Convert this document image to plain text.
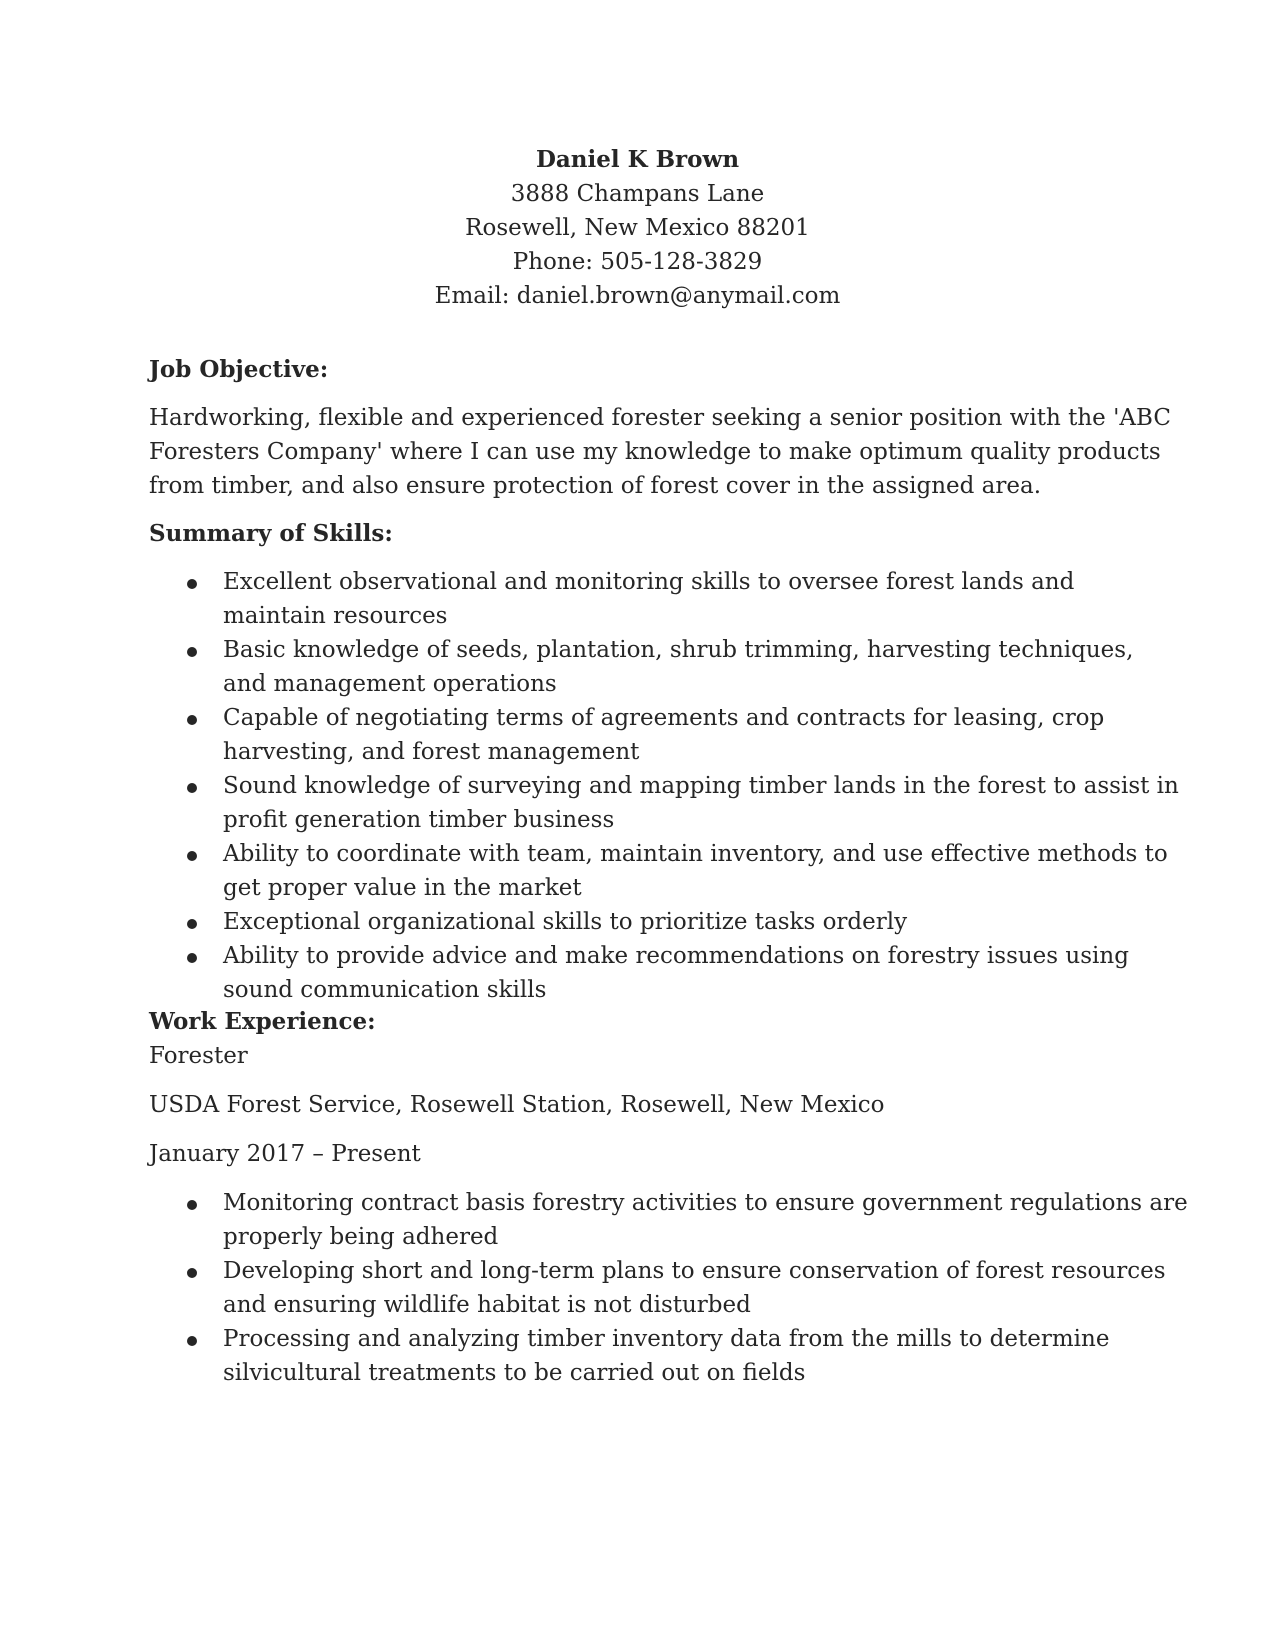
Daniel K Brown
3888 Champans Lane
Rosewell, New Mexico 88201
Phone: 505-128-3829
Email: daniel.brown@anymail.com
Job Objective:
Hardworking, flexible and experienced forester seeking a senior position with the 'ABC
Foresters Company' where I can use my knowledge to make optimum quality products
from timber, and also ensure protection of forest cover in the assigned area.
Summary of Skills:
Excellent observational and monitoring skills to oversee forest lands and
maintain resources
Basic knowledge of seeds, plantation, shrub trimming, harvesting techniques,
and management operations
Capable of negotiating terms of agreements and contracts for leasing, crop
harvesting, and forest management
Sound knowledge of surveying and mapping timber lands in the forest to assist in
profit generation timber business
Ability to coordinate with team, maintain inventory, and use effective methods to
get proper value in the market
Exceptional organizational skills to prioritize tasks orderly
Ability to provide advice and make recommendations on forestry issues using
sound communication skills
Work Experience:
Forester
USDA Forest Service, Rosewell Station, Rosewell, New Mexico
January 2017 – Present
Monitoring contract basis forestry activities to ensure government regulations are
properly being adhered
Developing short and long-term plans to ensure conservation of forest resources
and ensuring wildlife habitat is not disturbed
Processing and analyzing timber inventory data from the mills to determine
silvicultural treatments to be carried out on fields
